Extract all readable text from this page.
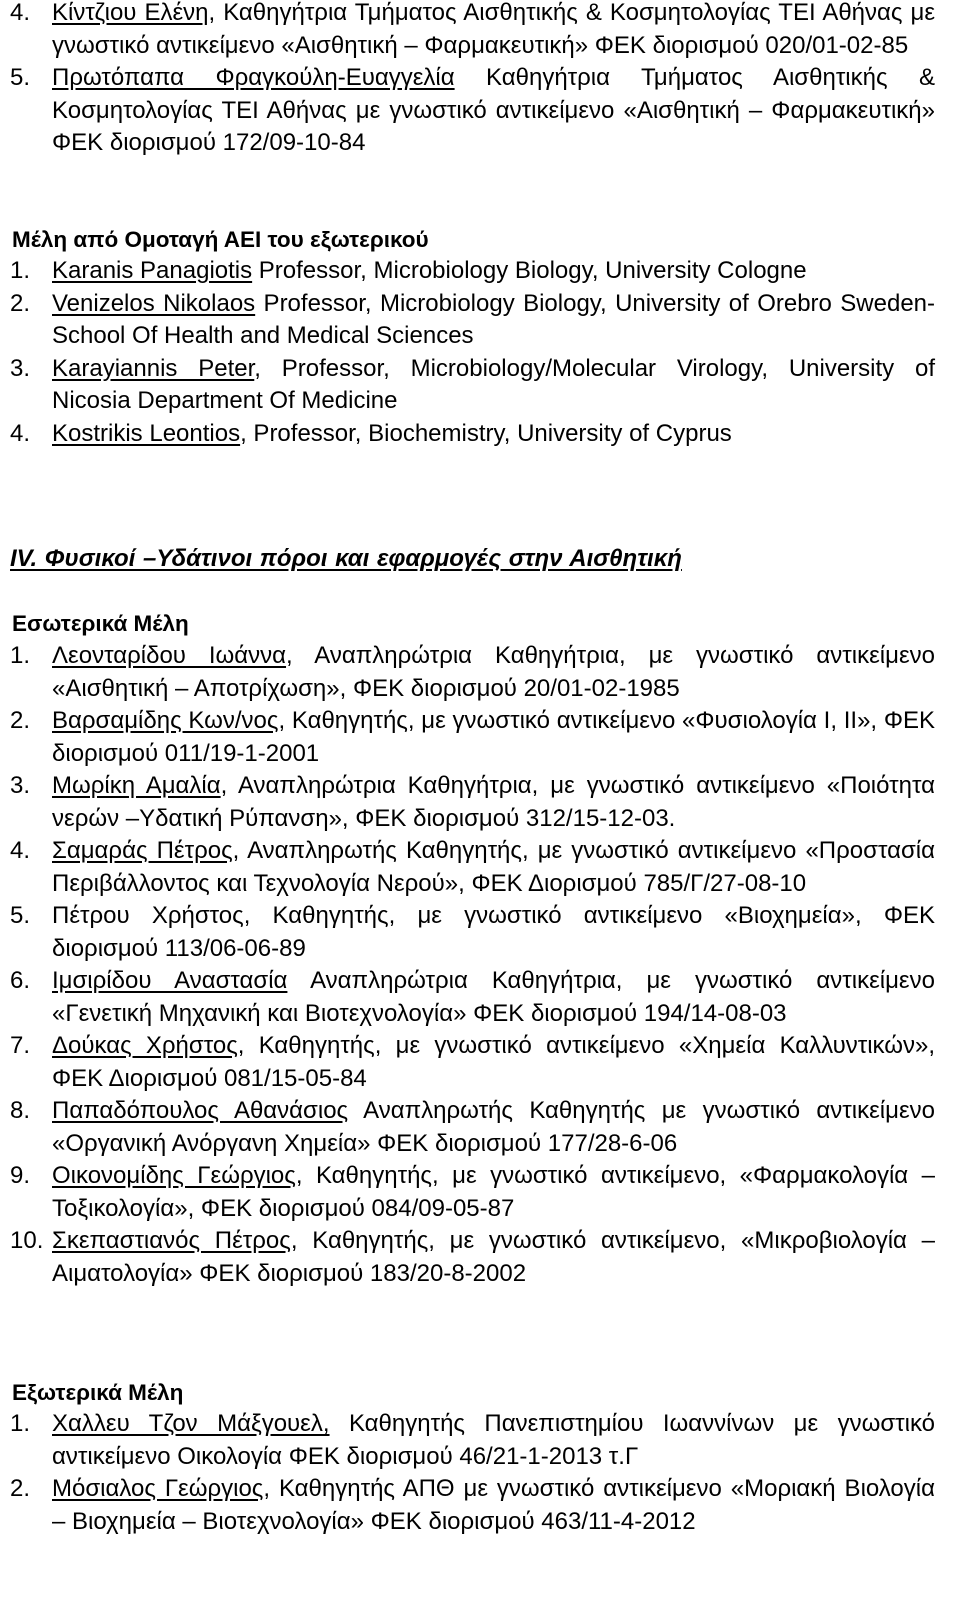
4. Κίντζιου Ελένη, Καθηγήτρια Τμήματος Αισθητικής & Κοσμητολογίας ΤΕΙ Αθήνας με γνωστικό αντικείμενο «Αισθητική – Φαρμακευτική» ΦΕΚ διορισμού 020/01-02-85

5. Πρωτόπαπα Φραγκούλη-Ευαγγελία Καθηγήτρια Τμήματος Αισθητικής & Κοσμητολογίας ΤΕΙ Αθήνας με γνωστικό αντικείμενο «Αισθητική – Φαρμακευτική» ΦΕΚ διορισμού 172/09-10-84

Μέλη από Ομοταγή ΑΕΙ του εξωτερικού

1. Karanis Panagiotis Professor, Microbiology Biology, University Cologne

2. Venizelos Nikolaos Professor, Microbiology Biology, University of Orebro Sweden-School Of Health and Medical Sciences

3. Karayiannis Peter, Professor, Microbiology/Molecular Virology, University of Nicosia Department Of Medicine

4. Kostrikis Leontios, Professor, Biochemistry, University of Cyprus

IV. Φυσικοί –Υδάτινοι πόροι και εφαρμογές στην Αισθητική
Εσωτερικά Μέλη

1. Λεονταρίδου Ιωάννα, Αναπληρώτρια Καθηγήτρια, με γνωστικό αντικείμενο «Αισθητική – Αποτρίχωση», ΦΕΚ διορισμού 20/01-02-1985

2. Βαρσαμίδης Κων/νος, Καθηγητής, με γνωστικό αντικείμενο «Φυσιολογία Ι, ΙΙ», ΦΕΚ διορισμού 011/19-1-2001

3. Μωρίκη Αμαλία, Αναπληρώτρια Καθηγήτρια, με γνωστικό αντικείμενο «Ποιότητα νερών –Υδατική Ρύπανση», ΦΕΚ διορισμού 312/15-12-03.

4. Σαμαράς Πέτρος, Αναπληρωτής Καθηγητής, με γνωστικό αντικείμενο «Προστασία Περιβάλλοντος και Τεχνολογία Νερού», ΦΕΚ Διορισμού 785/Γ/27-08-10

5. Πέτρου Χρήστος, Καθηγητής, με γνωστικό αντικείμενο «Βιοχημεία», ΦΕΚ διορισμού 113/06-06-89

6. Ιμσιρίδου Αναστασία Αναπληρώτρια Καθηγήτρια, με γνωστικό αντικείμενο «Γενετική Μηχανική και Βιοτεχνολογία» ΦΕΚ διορισμού 194/14-08-03

7. Δούκας Χρήστος, Καθηγητής, με γνωστικό αντικείμενο «Χημεία Καλλυντικών», ΦΕΚ Διορισμού 081/15-05-84

8. Παπαδόπουλος Αθανάσιος Αναπληρωτής Καθηγητής με γνωστικό αντικείμενο «Οργανική Ανόργανη Χημεία» ΦΕΚ διορισμού 177/28-6-06

9. Οικονομίδης Γεώργιος, Καθηγητής, με γνωστικό αντικείμενο, «Φαρμακολογία – Τοξικολογία», ΦΕΚ διορισμού 084/09-05-87

10. Σκεπαστιανός Πέτρος, Καθηγητής, με γνωστικό αντικείμενο, «Μικροβιολογία – Αιματολογία» ΦΕΚ διορισμού 183/20-8-2002

Εξωτερικά Μέλη

1. Χαλλευ Τζον Μάξγουελ, Καθηγητής Πανεπιστημίου Ιωαννίνων με γνωστικό αντικείμενο Οικολογία ΦΕΚ διορισμού 46/21-1-2013 τ.Γ

2. Μόσιαλος Γεώργιος, Καθηγητής ΑΠΘ με γνωστικό αντικείμενο «Μοριακή Βιολογία – Βιοχημεία – Βιοτεχνολογία» ΦΕΚ διορισμού 463/11-4-2012
